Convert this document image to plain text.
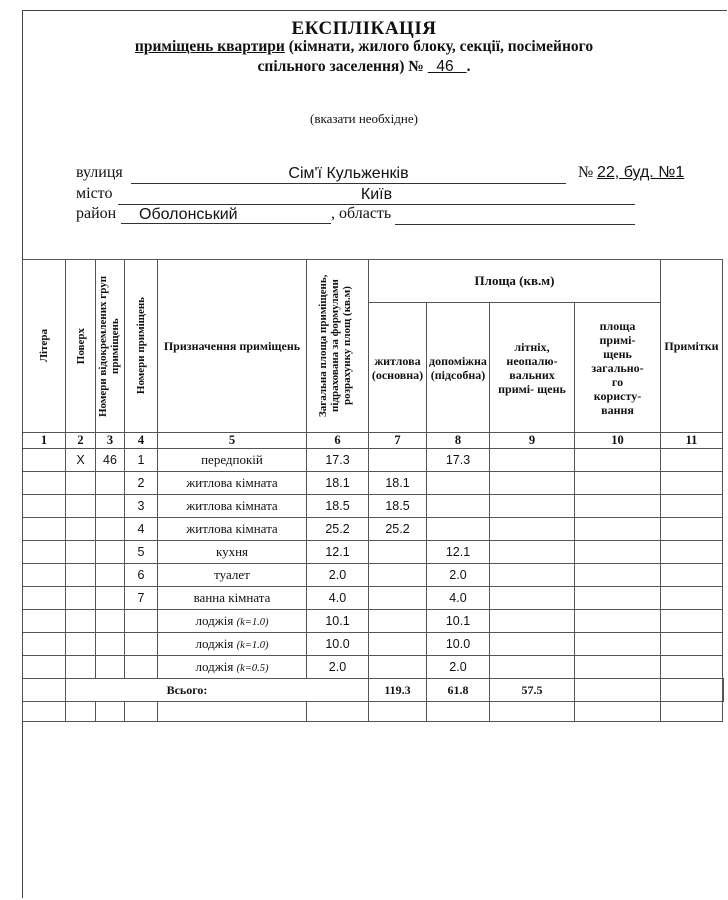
ЕКСПЛІКАЦІЯ
приміщень квартири (кімнати, жилого блоку, секції, посімейного
спільного заселення) № 46 .
(вказати необхідне)
вулиця	Сім'ї Кульженків	№ 22, буд. №1
місто	Київ
район	Оболонський	, область
Літера	Поверх	Номери відокремлених груп приміщень	Номери приміщень	Призначення приміщень	Загальна площа приміщень, підрахована за формулами розрахунку площ (кв.м)	Площа (кв.м)				Примітки	
						житлова (основна)	допоміжна (підсобна)	літніх, неопалю- вальних примі- щень	площа примі- щень загально- го користу- вання		
1	2	3	4	5	6	7	8	9	10	11	
	Х	46	1	передпокій	17.3		17.3				
			2	житлова кімната	18.1	18.1					
			3	житлова кімната	18.5	18.5					
			4	житлова кімната	25.2	25.2					
			5	кухня	12.1		12.1				
			6	туалет	2.0		2.0				
			7	ванна кімната	4.0		4.0				
				лоджія (k=1.0)	10.1		10.1				
				лоджія (k=1.0)	10.0		10.0				
				лоджія (k=0.5)	2.0		2.0				
	Всього:					119.3	61.8	57.5			
